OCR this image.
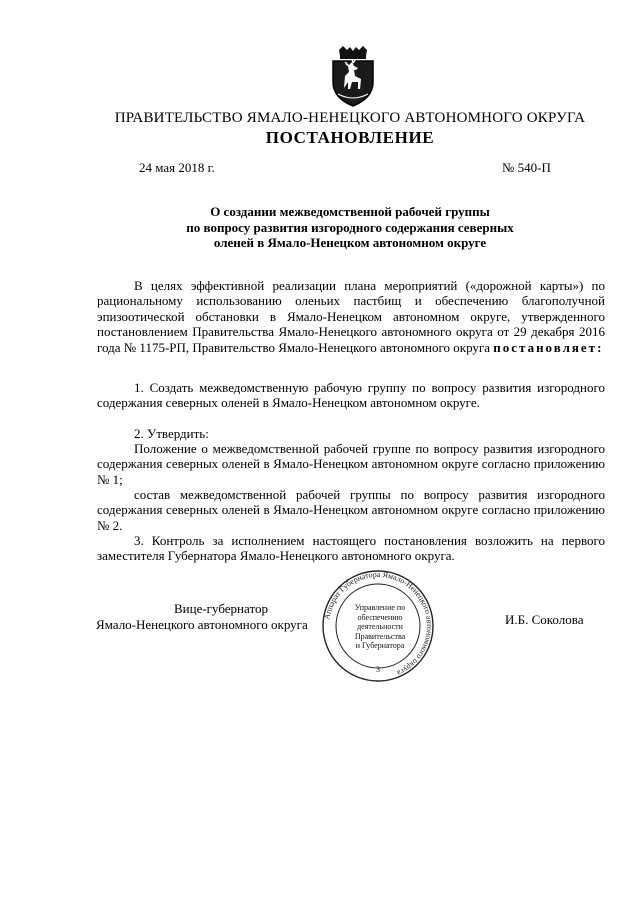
ПРАВИТЕЛЬСТВО ЯМАЛО-НЕНЕЦКОГО АВТОНОМНОГО ОКРУГА
ПОСТАНОВЛЕНИЕ
24 мая 2018 г.	№ 540-П
О создании межведомственной рабочей группы
по вопросу развития изгородного содержания северных
оленей в Ямало-Ненецком автономном округе

В целях эффективной реализации плана мероприятий («дорожной карты») по рациональному использованию оленьих пастбищ и обеспечению благополучной эпизоотической обстановки в Ямало-Ненецком автономном округе, утвержденного постановлением Правительства Ямало-Ненецкого автономного округа от 29 декабря 2016 года № 1175-РП, Правительство Ямало-Ненецкого автономного округа постановляет:

1. Создать межведомственную рабочую группу по вопросу развития изгородного содержания северных оленей в Ямало-Ненецком автономном округе.

2. Утвердить:

Положение о межведомственной рабочей группе по вопросу развития изгородного содержания северных оленей в Ямало-Ненецком автономном округе согласно приложению № 1;

состав межведомственной рабочей группы по вопросу развития изгородного содержания северных оленей в Ямало-Ненецком автономном округе согласно приложению № 2.

3. Контроль за исполнением настоящего постановления возложить на первого заместителя Губернатора Ямало-Ненецкого автономного округа.

Вице-губернатор
Ямало-Ненецкого автономного округа	И.Б. Соколова
Аппарат Губернатора Ямало-Ненецкого автономного округа
3
Управление по
обеспечению
деятельности
Правительства
и Губернатора
